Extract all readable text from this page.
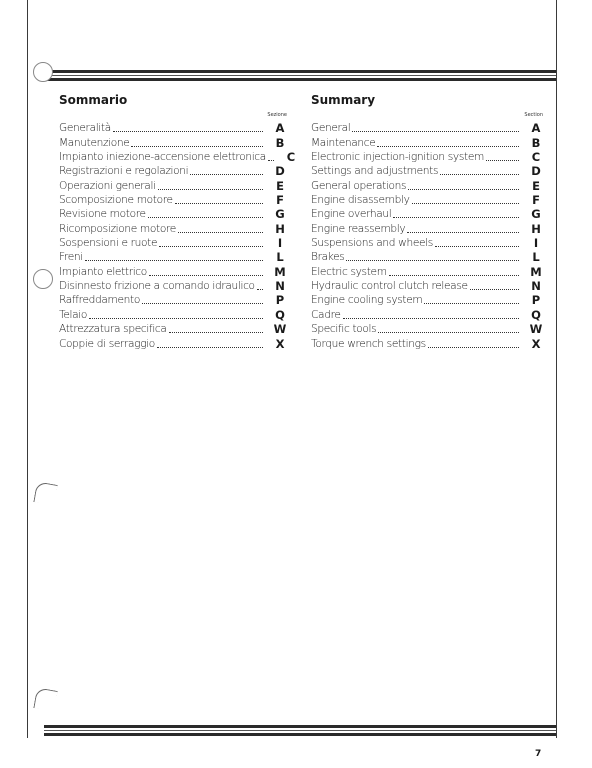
Sommario
Sezione
Generalità	A
Manutenzione	B
Impianto iniezione-accensione elettronica C
Registrazioni e regolazioni	D
Operazioni generali	E
Scomposizione motore	F
Revisione motore	G
Ricomposizione motore	H
Sospensioni e ruote	I
Freni	L
Impianto elettrico	M
Disinnesto frizione a comando idraulico N
Raffreddamento	P
Telaio	Q
Attrezzatura specifica	W
Coppie di serraggio	X
Summary
Section
General	A
Maintenance	B
Electronic injection-ignition system	C
Settings and adjustments	D
General operations	E
Engine disassembly	F
Engine overhaul	G
Engine reassembly	H
Suspensions and wheels	I
Brakes	L
Electric system	M
Hydraulic control clutch release	N
Engine cooling system	P
Cadre	Q
Specific tools	W
Torque wrench settings	X
7
